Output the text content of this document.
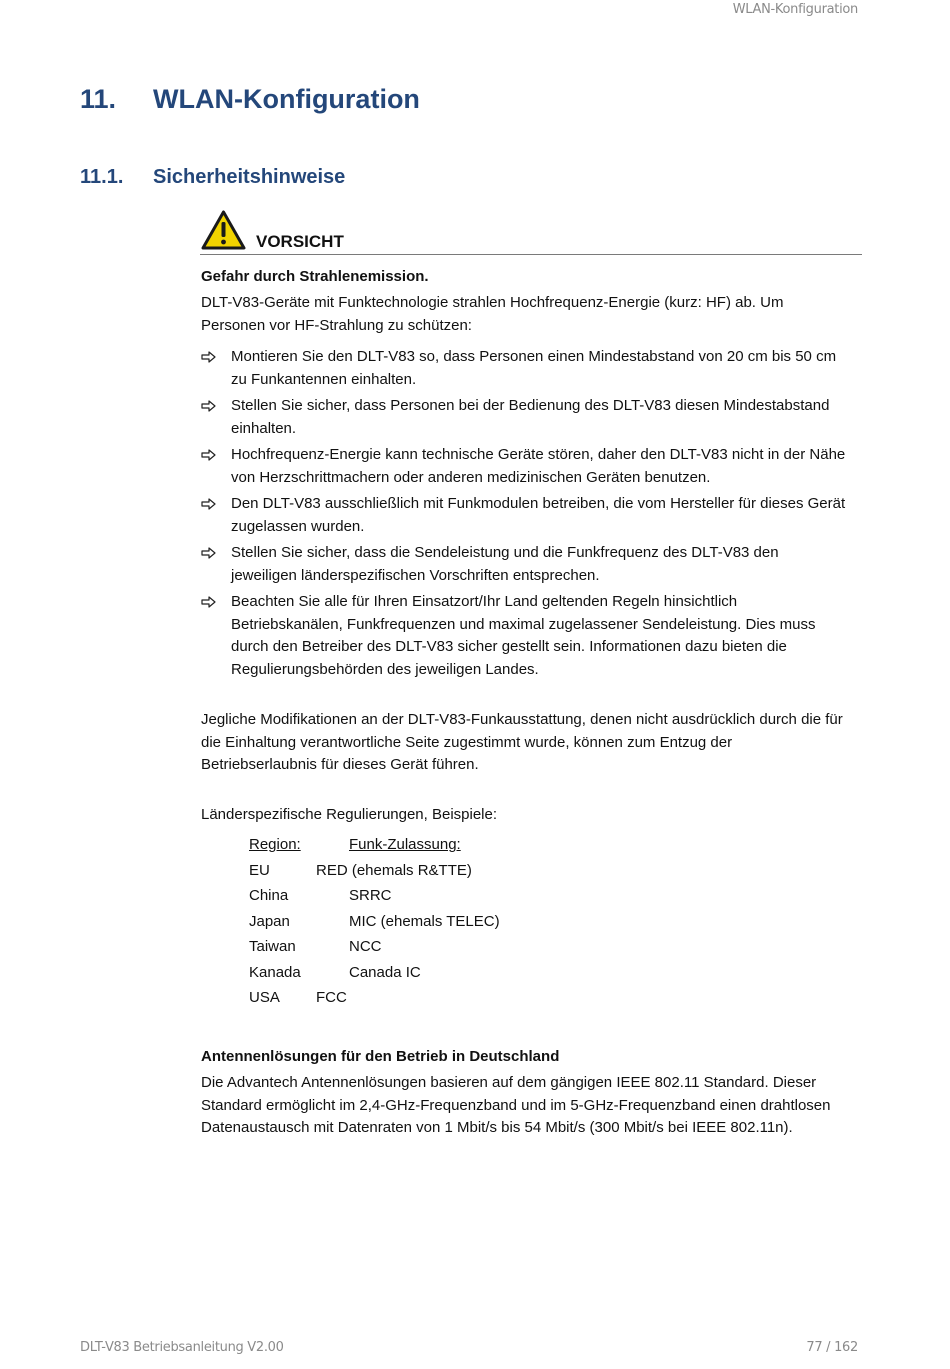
WLAN-Konfiguration
11. WLAN-Konfiguration
11.1. Sicherheitshinweise
VORSICHT
Gefahr durch Strahlenemission.
DLT-V83-Geräte mit Funktechnologie strahlen Hochfrequenz-Energie (kurz: HF) ab. Um
Personen vor HF-Strahlung zu schützen:
Montieren Sie den DLT-V83 so, dass Personen einen Mindestabstand von 20 cm bis 50 cm
zu Funkantennen einhalten.
Stellen Sie sicher, dass Personen bei der Bedienung des DLT-V83 diesen Mindestabstand
einhalten.
Hochfrequenz-Energie kann technische Geräte stören, daher den DLT-V83 nicht in der Nähe
von Herzschrittmachern oder anderen medizinischen Geräten benutzen.
Den DLT-V83 ausschließlich mit Funkmodulen betreiben, die vom Hersteller für dieses Gerät
zugelassen wurden.
Stellen Sie sicher, dass die Sendeleistung und die Funkfrequenz des DLT-V83 den
jeweiligen länderspezifischen Vorschriften entsprechen.
Beachten Sie alle für Ihren Einsatzort/Ihr Land geltenden Regeln hinsichtlich
Betriebskanälen, Funkfrequenzen und maximal zugelassener Sendeleistung. Dies muss
durch den Betreiber des DLT-V83 sicher gestellt sein. Informationen dazu bieten die
Regulierungsbehörden des jeweiligen Landes.
Jegliche Modifikationen an der DLT-V83-Funkausstattung, denen nicht ausdrücklich durch die für
die Einhaltung verantwortliche Seite zugestimmt wurde, können zum Entzug der
Betriebserlaubnis für dieses Gerät führen.
Länderspezifische Regulierungen, Beispiele:
Region:	Funk-Zulassung:
EU	RED (ehemals R&TTE)
China	SRRC
Japan	MIC (ehemals TELEC)
Taiwan	NCC
Kanada	Canada IC
USA FCC
Antennenlösungen für den Betrieb in Deutschland
Die Advantech Antennenlösungen basieren auf dem gängigen IEEE 802.11 Standard. Dieser
Standard ermöglicht im 2,4-GHz-Frequenzband und im 5-GHz-Frequenzband einen drahtlosen
Datenaustausch mit Datenraten von 1 Mbit/s bis 54 Mbit/s (300 Mbit/s bei IEEE 802.11n).
DLT-V83 Betriebsanleitung V2.00	77 / 162
